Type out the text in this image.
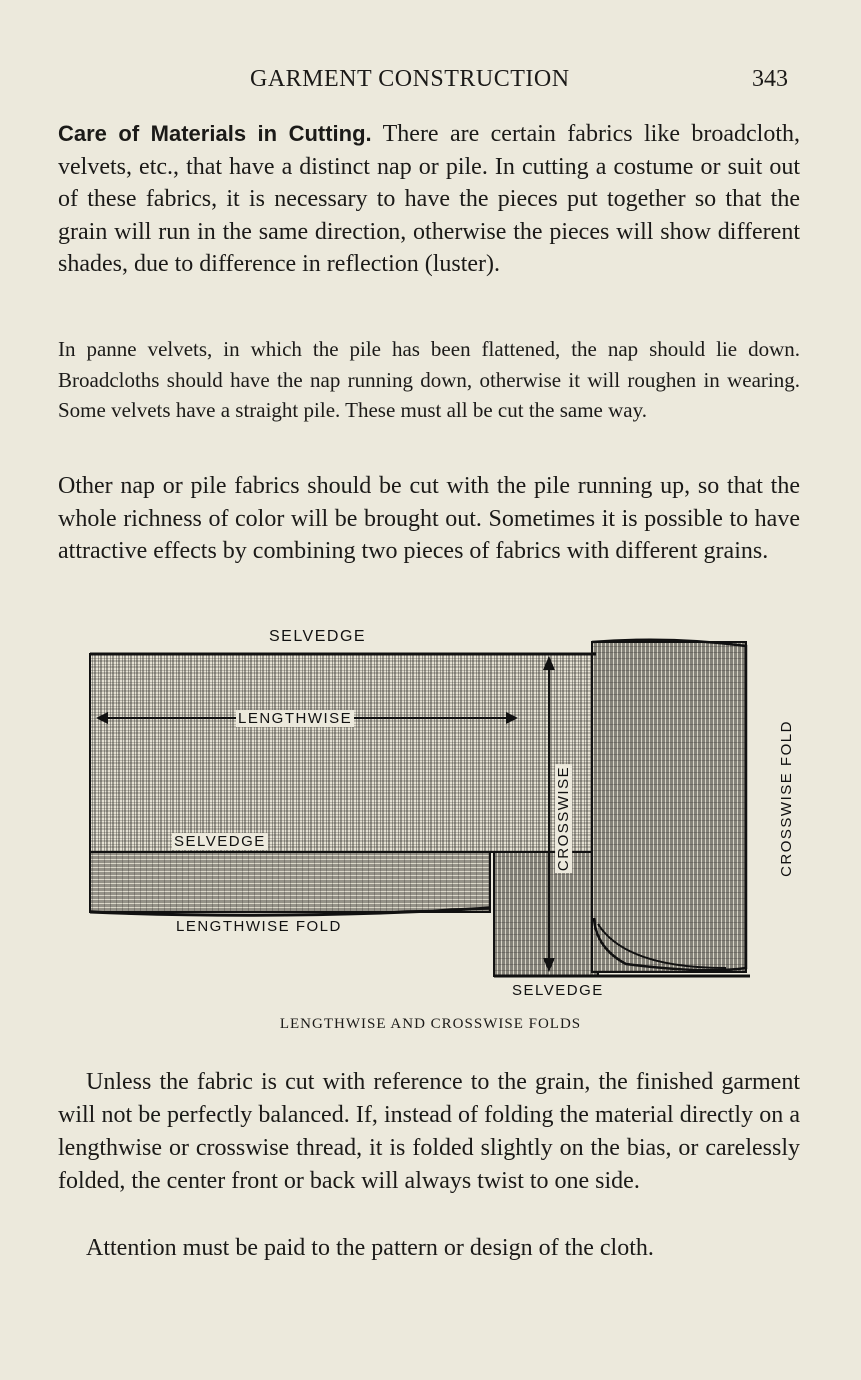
GARMENT CONSTRUCTION	343

Care of Materials in Cutting. There are certain fabrics like broadcloth, velvets, etc., that have a distinct nap or pile. In cutting a costume or suit out of these fabrics, it is necessary to have the pieces put together so that the grain will run in the same direction, otherwise the pieces will show different shades, due to difference in reflection (luster).

In panne velvets, in which the pile has been flattened, the nap should lie down. Broadcloths should have the nap running down, otherwise it will roughen in wearing. Some velvets have a straight pile. These must all be cut the same way.

Other nap or pile fabrics should be cut with the pile running up, so that the whole richness of color will be brought out. Sometimes it is possible to have attractive effects by combining two pieces of fabrics with different grains.

SELVEDGE
LENGTHWISE
SELVEDGE
LENGTHWISE FOLD
SELVEDGE
CROSSWISE	CROSSWISE FOLD
LENGTHWISE AND CROSSWISE FOLDS

Unless the fabric is cut with reference to the grain, the finished garment will not be perfectly balanced. If, instead of folding the material directly on a lengthwise or crosswise thread, it is folded slightly on the bias, or carelessly folded, the center front or back will always twist to one side.

Attention must be paid to the pattern or design of the cloth.
